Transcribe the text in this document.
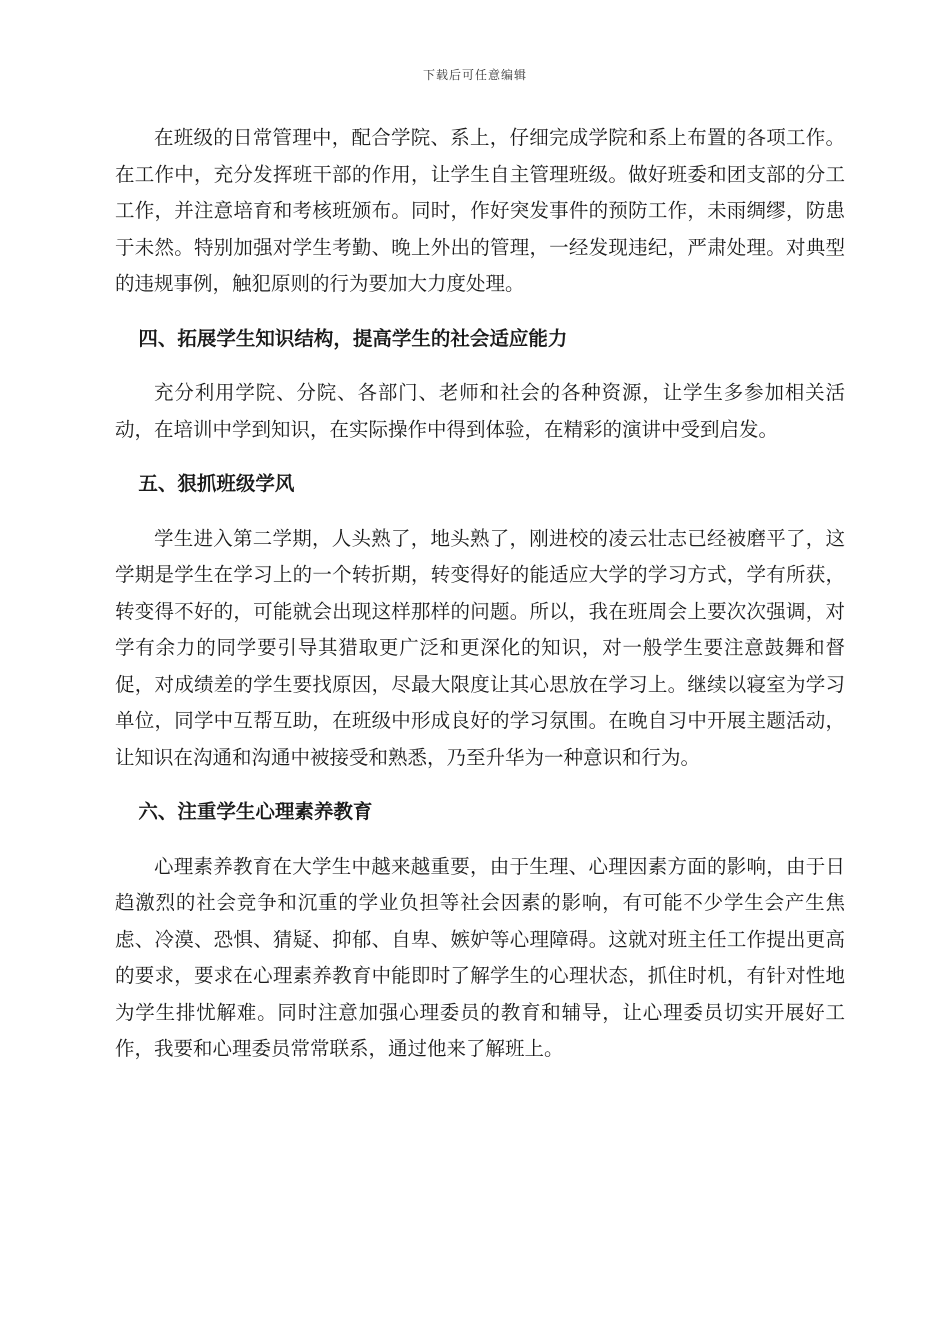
下载后可任意编辑

在班级的日常管理中，配合学院、系上，仔细完成学院和系上布置的各项工作。在工作中，充分发挥班干部的作用，让学生自主管理班级。做好班委和团支部的分工工作，并注意培育和考核班颁布。同时，作好突发事件的预防工作，未雨绸缪，防患于未然。特别加强对学生考勤、晚上外出的管理，一经发现违纪，严肃处理。对典型的违规事例，触犯原则的行为要加大力度处理。

四、拓展学生知识结构，提高学生的社会适应能力

充分利用学院、分院、各部门、老师和社会的各种资源，让学生多参加相关活动，在培训中学到知识，在实际操作中得到体验，在精彩的演讲中受到启发。

五、狠抓班级学风

学生进入第二学期，人头熟了，地头熟了，刚进校的凌云壮志已经被磨平了，这学期是学生在学习上的一个转折期，转变得好的能适应大学的学习方式，学有所获，转变得不好的，可能就会出现这样那样的问题。所以，我在班周会上要次次强调，对学有余力的同学要引导其猎取更广泛和更深化的知识，对一般学生要注意鼓舞和督促，对成绩差的学生要找原因，尽最大限度让其心思放在学习上。继续以寝室为学习单位，同学中互帮互助，在班级中形成良好的学习氛围。在晚自习中开展主题活动，让知识在沟通和沟通中被接受和熟悉，乃至升华为一种意识和行为。

六、注重学生心理素养教育

心理素养教育在大学生中越来越重要，由于生理、心理因素方面的影响，由于日趋激烈的社会竞争和沉重的学业负担等社会因素的影响，有可能不少学生会产生焦虑、冷漠、恐惧、猜疑、抑郁、自卑、嫉妒等心理障碍。这就对班主任工作提出更高的要求，要求在心理素养教育中能即时了解学生的心理状态，抓住时机，有针对性地为学生排忧解难。同时注意加强心理委员的教育和辅导，让心理委员切实开展好工作，我要和心理委员常常联系，通过他来了解班上。
